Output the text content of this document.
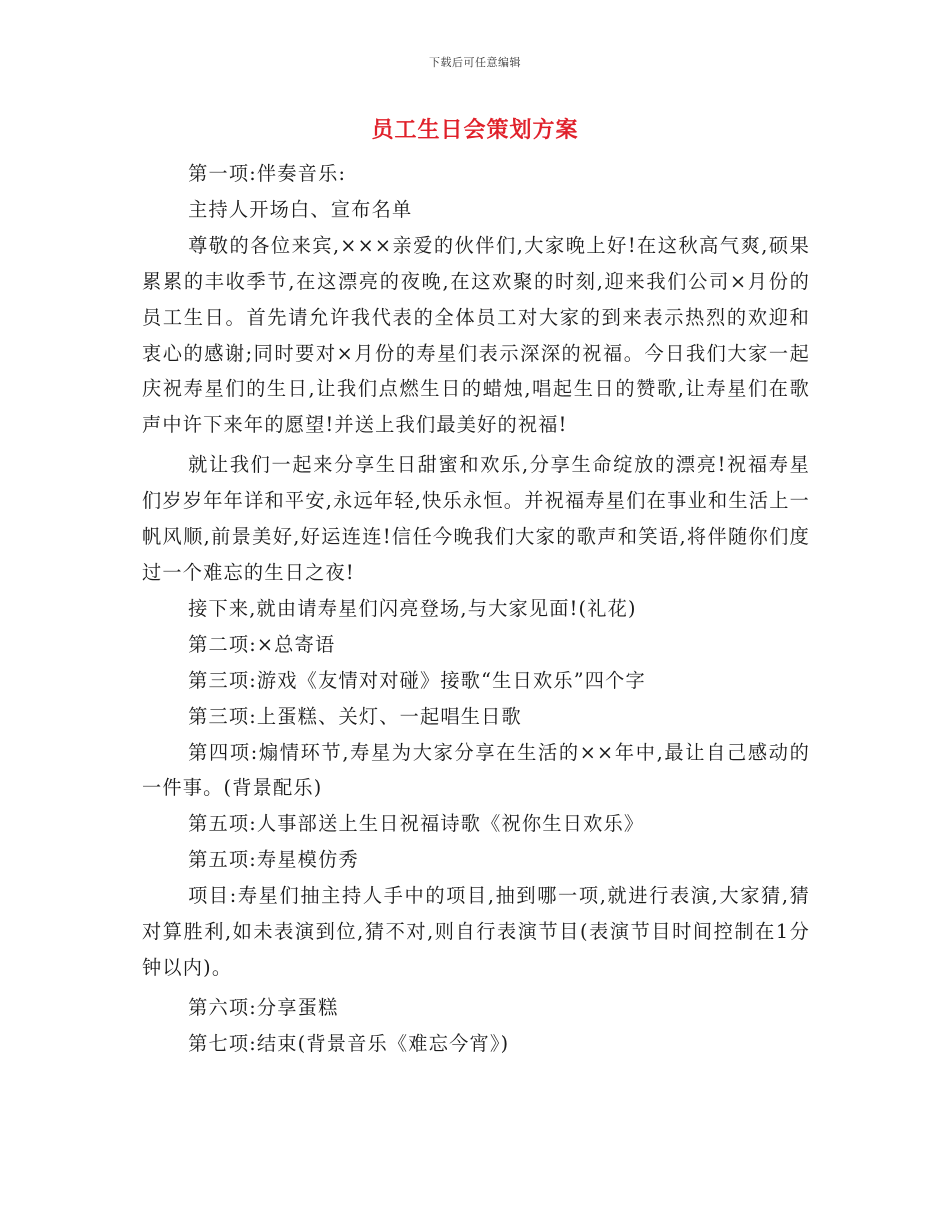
下载后可任意编辑
员工生日会策划方案

第一项:伴奏音乐:

主持人开场白、宣布名单

尊敬的各位来宾,×××亲爱的伙伴们,大家晚上好!在这秋高气爽,硕果累累的丰收季节,在这漂亮的夜晚,在这欢聚的时刻,迎来我们公司×月份的员工生日。首先请允许我代表的全体员工对大家的到来表示热烈的欢迎和衷心的感谢;同时要对×月份的寿星们表示深深的祝福。今日我们大家一起庆祝寿星们的生日,让我们点燃生日的蜡烛,唱起生日的赞歌,让寿星们在歌声中许下来年的愿望!并送上我们最美好的祝福!

就让我们一起来分享生日甜蜜和欢乐,分享生命绽放的漂亮!祝福寿星们岁岁年年详和平安,永远年轻,快乐永恒。并祝福寿星们在事业和生活上一帆风顺,前景美好,好运连连!信任今晚我们大家的歌声和笑语,将伴随你们度过一个难忘的生日之夜!

接下来,就由请寿星们闪亮登场,与大家见面!(礼花)

第二项:×总寄语

第三项:游戏《友情对对碰》接歌“生日欢乐”四个字

第三项:上蛋糕、关灯、一起唱生日歌

第四项:煽情环节,寿星为大家分享在生活的××年中,最让自己感动的一件事。(背景配乐)

第五项:人事部送上生日祝福诗歌《祝你生日欢乐》

第五项:寿星模仿秀

项目:寿星们抽主持人手中的项目,抽到哪一项,就进行表演,大家猜,猜对算胜利,如未表演到位,猜不对,则自行表演节目(表演节目时间控制在1分钟以内)。

第六项:分享蛋糕

第七项:结束(背景音乐《难忘今宵》)
